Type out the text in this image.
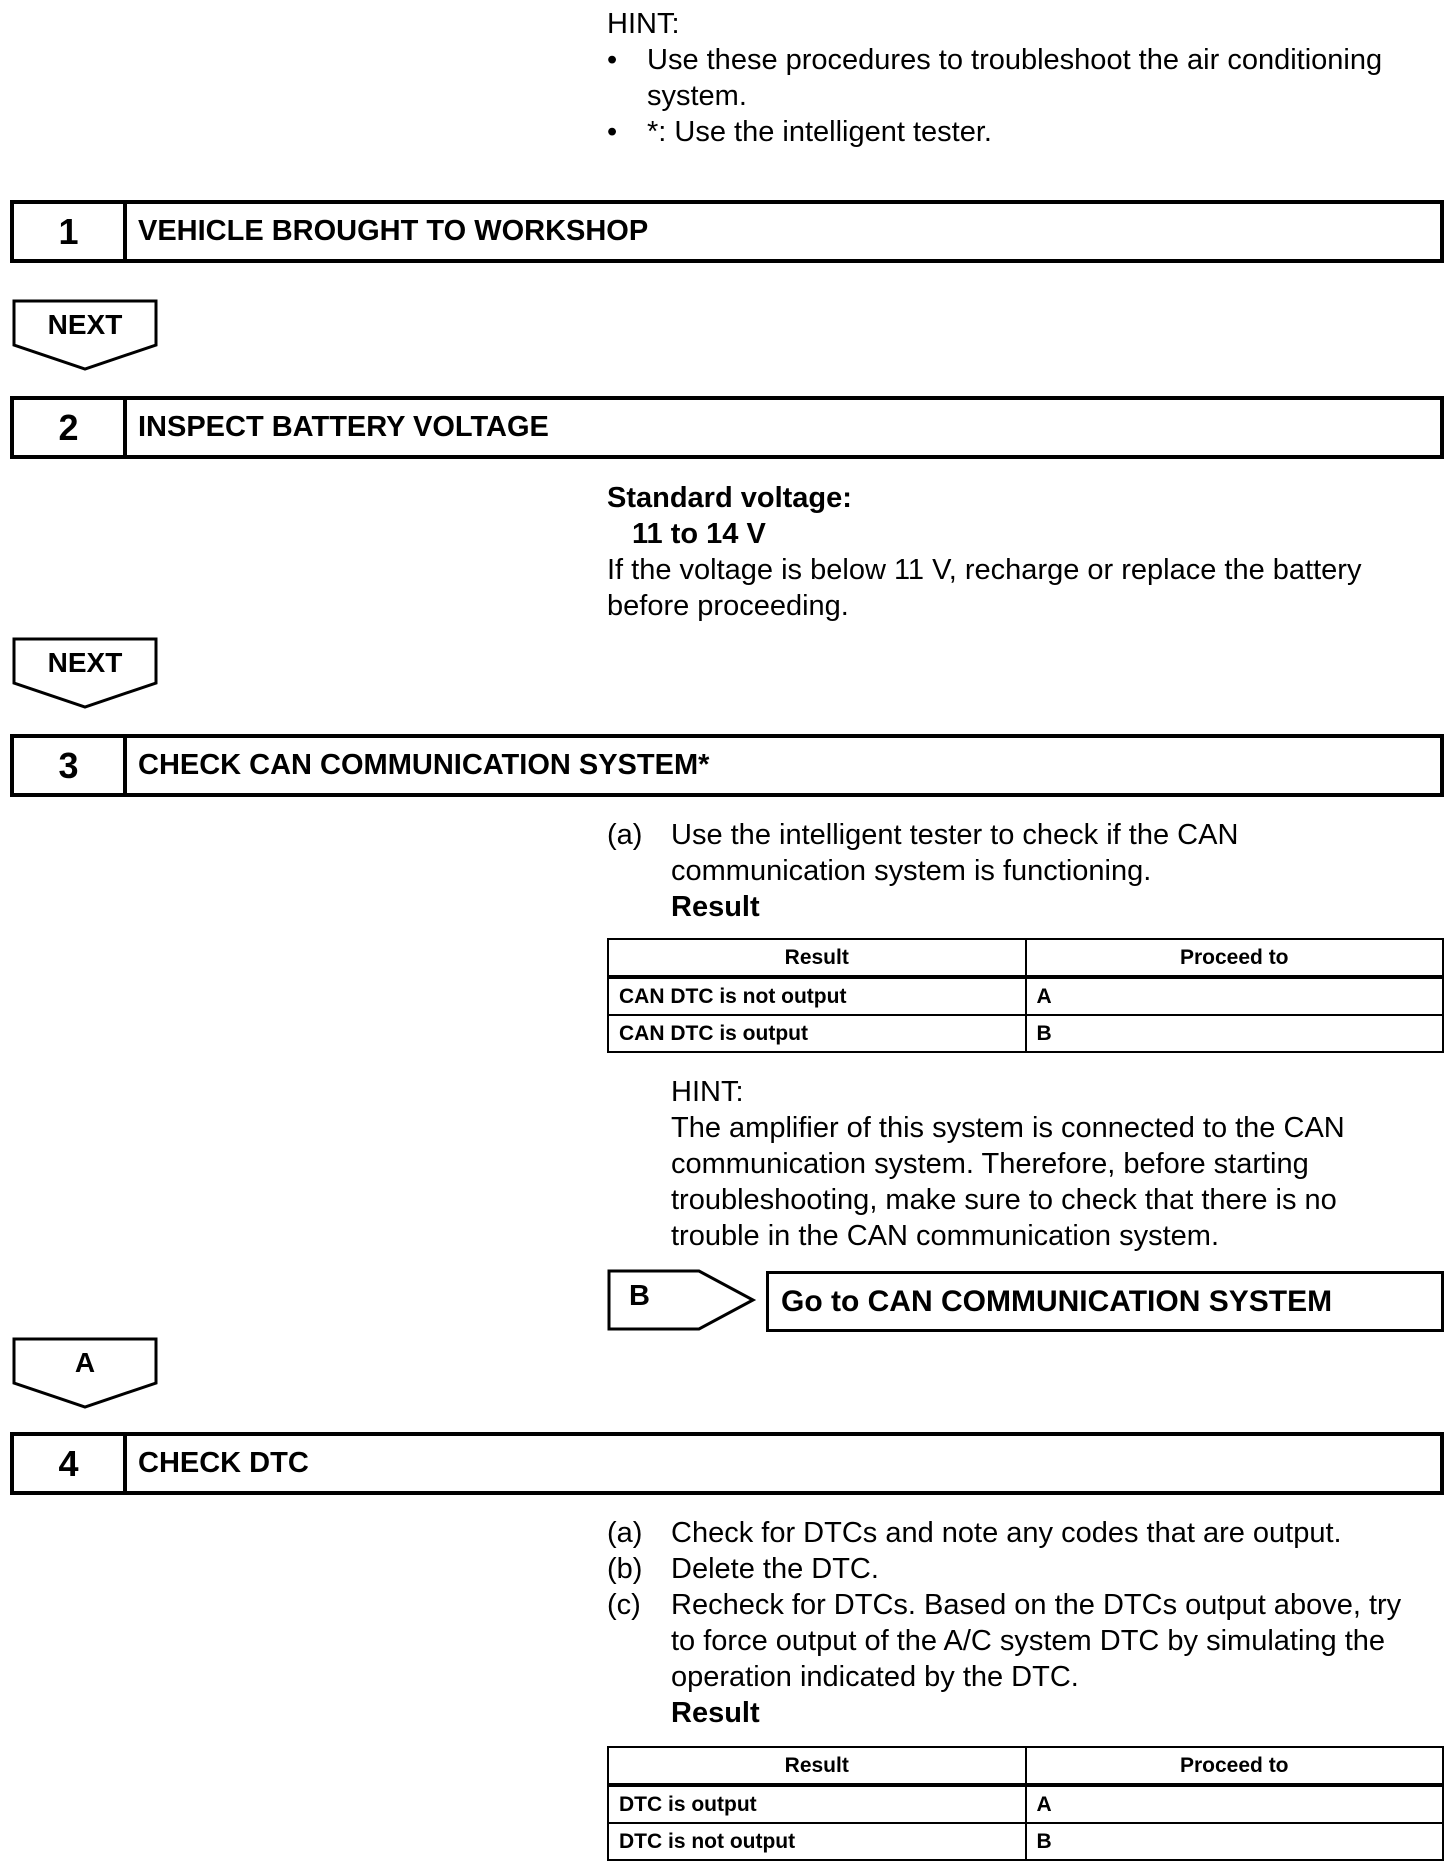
HINT:
• Use these procedures to troubleshoot the air conditioning
system.
• *: Use the intelligent tester.
1	VEHICLE BROUGHT TO WORKSHOP
NEXT
2	INSPECT BATTERY VOLTAGE
Standard voltage:
11 to 14 V
If the voltage is below 11 V, recharge or replace the battery
before proceeding.
NEXT
3	CHECK CAN COMMUNICATION SYSTEM*
(a) Use the intelligent tester to check if the CAN
communication system is functioning.
Result
Result	Proceed to
CAN DTC is not output	A
CAN DTC is output	B
HINT:
The amplifier of this system is connected to the CAN
communication system. Therefore, before starting
troubleshooting, make sure to check that there is no
trouble in the CAN communication system.
B	Go to CAN COMMUNICATION SYSTEM
A
4	CHECK DTC
(a) Check for DTCs and note any codes that are output.
(b) Delete the DTC.
(c) Recheck for DTCs. Based on the DTCs output above, try
to force output of the A/C system DTC by simulating the
operation indicated by the DTC.
Result
Result	Proceed to
DTC is output	A
DTC is not output	B
